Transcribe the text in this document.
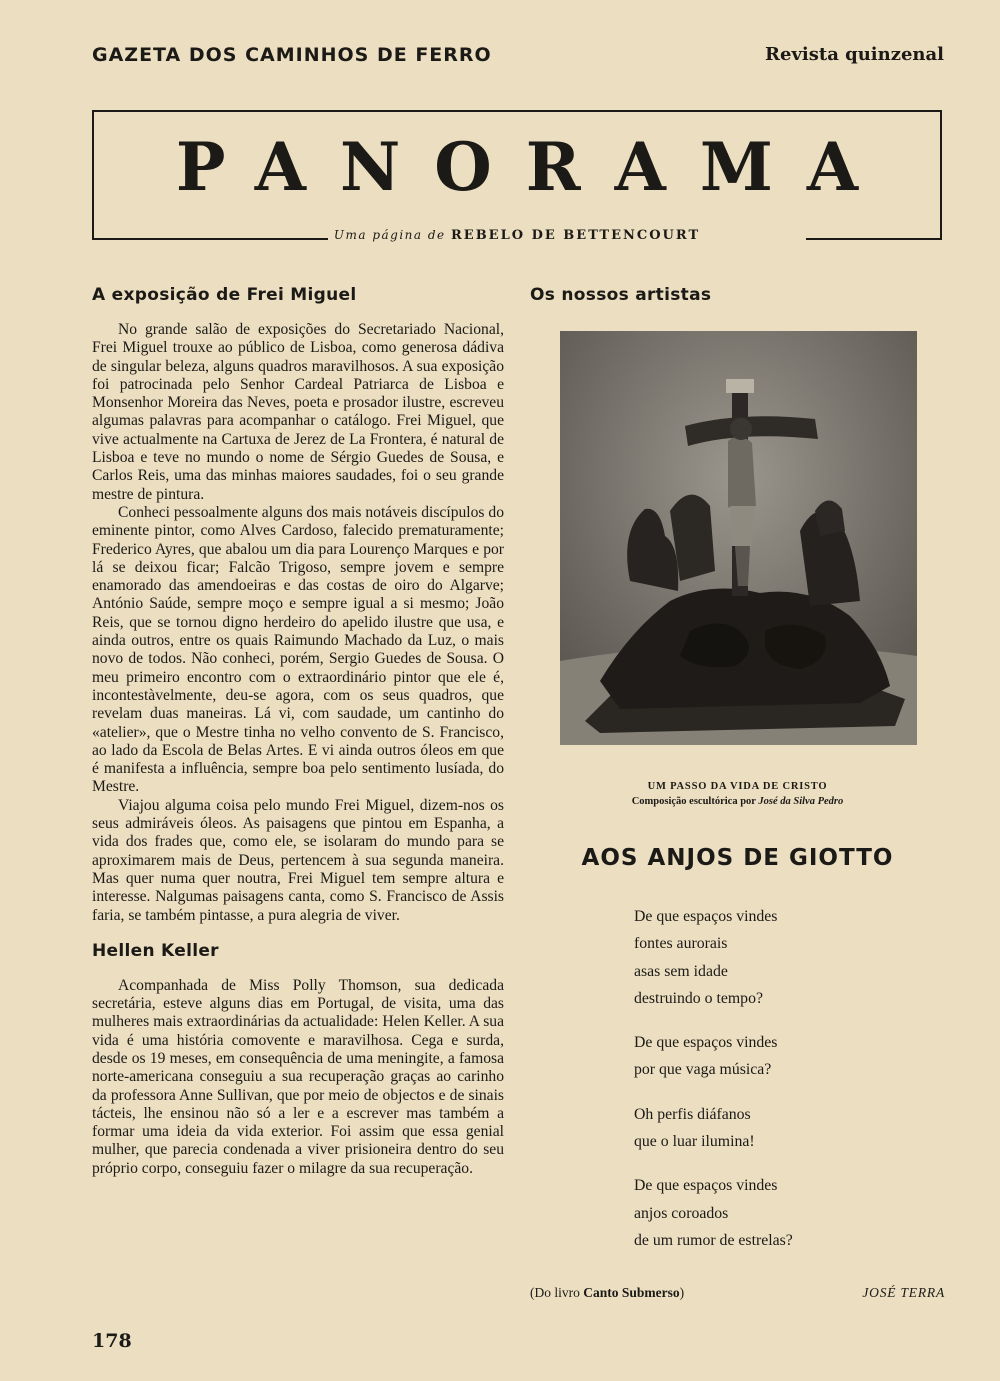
GAZETA DOS CAMINHOS DE FERRO	Revista quinzenal
PANORAMA
Uma página de REBELO DE BETTENCOURT
A exposição de Frei Miguel

No grande salão de exposições do Secretariado Nacional, Frei Miguel trouxe ao público de Lisboa, como generosa dádiva de singular beleza, alguns quadros maravilhosos. A sua exposição foi patrocinada pelo Senhor Cardeal Patriarca de Lisboa e Monsenhor Moreira das Neves, poeta e prosador ilustre, escreveu algumas palavras para acompanhar o catálogo. Frei Miguel, que vive actualmente na Cartuxa de Jerez de La Frontera, é natural de Lisboa e teve no mundo o nome de Sérgio Guedes de Sousa, e Carlos Reis, uma das minhas maiores saudades, foi o seu grande mestre de pintura.

Conheci pessoalmente alguns dos mais notáveis discípulos do eminente pintor, como Alves Cardoso, falecido prematuramente; Frederico Ayres, que abalou um dia para Lourenço Marques e por lá se deixou ficar; Falcão Trigoso, sempre jovem e sempre enamorado das amendoeiras e das costas de oiro do Algarve; António Saúde, sempre moço e sempre igual a si mesmo; João Reis, que se tornou digno herdeiro do apelido ilustre que usa, e ainda outros, entre os quais Raimundo Machado da Luz, o mais novo de todos. Não conheci, porém, Sergio Guedes de Sousa. O meu primeiro encontro com o extraordinário pintor que ele é, incontestàvelmente, deu-se agora, com os seus quadros, que revelam duas maneiras. Lá vi, com saudade, um cantinho do «atelier», que o Mestre tinha no velho convento de S. Francisco, ao lado da Escola de Belas Artes. E vi ainda outros óleos em que é manifesta a influência, sempre boa pelo sentimento lusíada, do Mestre.

Viajou alguma coisa pelo mundo Frei Miguel, dizem-nos os seus admiráveis óleos. As paisagens que pintou em Espanha, a vida dos frades que, como ele, se isolaram do mundo para se aproximarem mais de Deus, pertencem à sua segunda maneira. Mas quer numa quer noutra, Frei Miguel tem sempre altura e interesse. Nalgumas paisagens canta, como S. Francisco de Assis faria, se também pintasse, a pura alegria de viver.

Hellen Keller

Acompanhada de Miss Polly Thomson, sua dedicada secretária, esteve alguns dias em Portugal, de visita, uma das mulheres mais extraordinárias da actualidade: Helen Keller. A sua vida é uma história comovente e maravilhosa. Cega e surda, desde os 19 meses, em consequência de uma meningite, a famosa norte-americana conseguiu a sua recuperação graças ao carinho da professora Anne Sullivan, que por meio de objectos e de sinais tácteis, lhe ensinou não só a ler e a escrever mas também a formar uma ideia da vida exterior. Foi assim que essa genial mulher, que parecia condenada a viver prisioneira dentro do seu próprio corpo, conseguiu fazer o milagre da sua recuperação.

Os nossos artistas
UM PASSO DA VIDA DE CRISTO
Composição escultórica por José da Silva Pedro
AOS ANJOS DE GIOTTO
De que espaços vindes
fontes aurorais
asas sem idade
destruindo o tempo?
De que espaços vindes
por que vaga música?
Oh perfis diáfanos
que o luar ilumina!
De que espaços vindes
anjos coroados
de um rumor de estrelas?
(Do livro Canto Submerso)	JOSÉ TERRA
178
